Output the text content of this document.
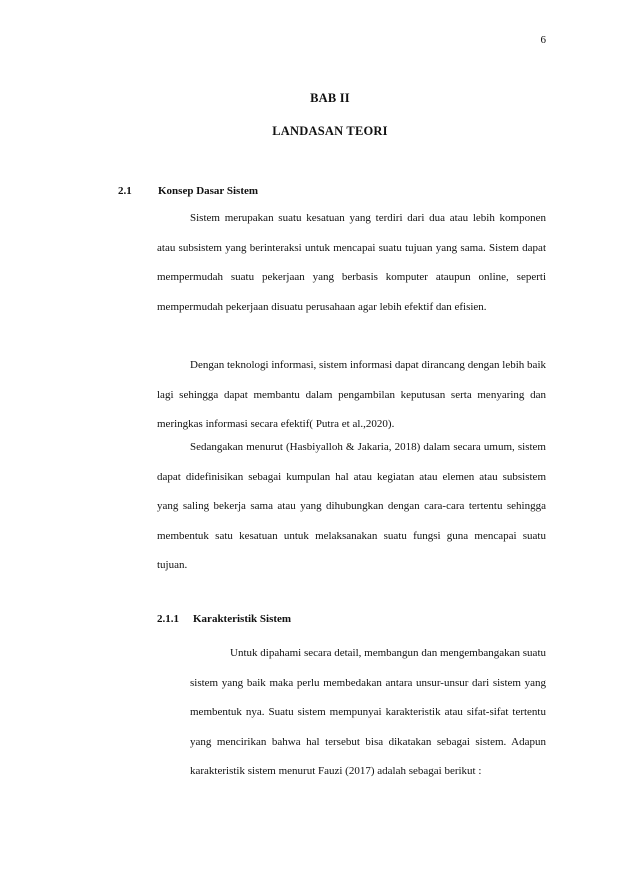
6
BAB II
LANDASAN TEORI
2.1	Konsep Dasar Sistem

Sistem merupakan suatu kesatuan yang terdiri dari dua atau lebih komponen atau subsistem yang berinteraksi untuk mencapai suatu tujuan yang sama. Sistem dapat mempermudah suatu pekerjaan yang berbasis komputer ataupun online, seperti mempermudah pekerjaan disuatu perusahaan agar lebih efektif dan efisien.

Dengan teknologi informasi, sistem informasi dapat dirancang dengan lebih baik lagi sehingga dapat membantu dalam pengambilan keputusan serta menyaring dan meringkas informasi secara efektif( Putra et al.,2020).

Sedangakan menurut (Hasbiyalloh & Jakaria, 2018) dalam secara umum, sistem dapat didefinisikan sebagai kumpulan hal atau kegiatan atau elemen atau subsistem yang saling bekerja sama atau yang dihubungkan dengan cara-cara tertentu sehingga membentuk satu kesatuan untuk melaksanakan suatu fungsi guna mencapai suatu tujuan.

2.1.1	Karakteristik Sistem

Untuk dipahami secara detail, membangun dan mengembangakan suatu sistem yang baik maka perlu membedakan antara unsur-unsur dari sistem yang membentuk nya. Suatu sistem mempunyai karakteristik atau sifat-sifat tertentu yang mencirikan bahwa hal tersebut bisa dikatakan sebagai sistem. Adapun karakteristik sistem menurut Fauzi (2017) adalah sebagai berikut :
